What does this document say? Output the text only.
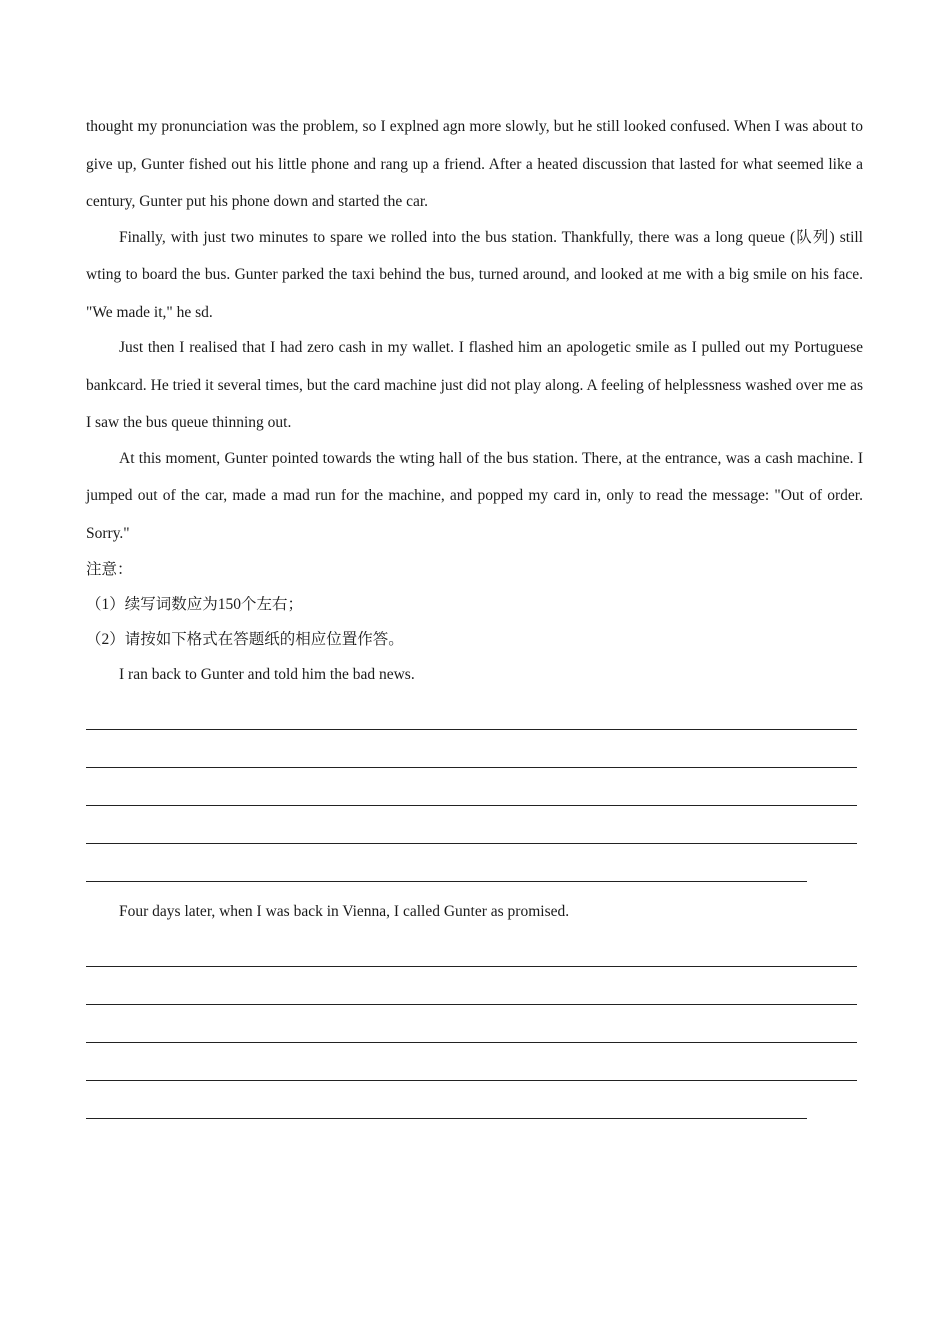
thought my pronunciation was the problem, so I explned agn more slowly, but he still looked confused. When I was about to give up, Gunter fished out his little phone and rang up a friend. After a heated discussion that lasted for what seemed like a century, Gunter put his phone down and started the car.

Finally, with just two minutes to spare we rolled into the bus station. Thankfully, there was a long queue (队列) still wting to board the bus. Gunter parked the taxi behind the bus, turned around, and looked at me with a big smile on his face. "We made it," he sd.

Just then I realised that I had zero cash in my wallet. I flashed him an apologetic smile as I pulled out my Portuguese bankcard. He tried it several times, but the card machine just did not play along. A feeling of helplessness washed over me as I saw the bus queue thinning out.

At this moment, Gunter pointed towards the wting hall of the bus station. There, at the entrance, was a cash machine. I jumped out of the car, made a mad run for the machine, and popped my card in, only to read the message: "Out of order. Sorry."

注意：

（1）续写词数应为150个左右；

（2）请按如下格式在答题纸的相应位置作答。

I ran back to Gunter and told him the bad news.

Four days later, when I was back in Vienna, I called Gunter as promised.
